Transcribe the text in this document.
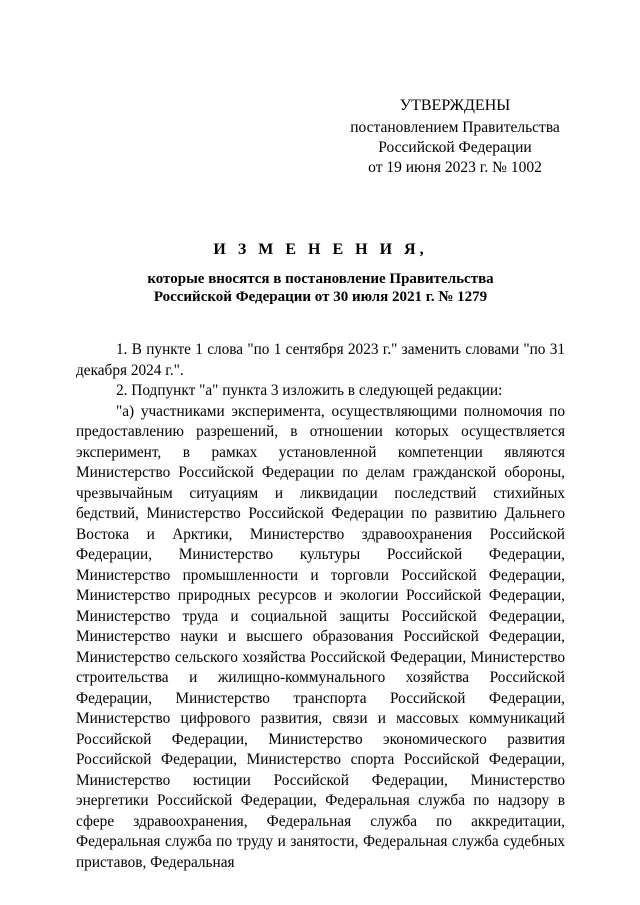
УТВЕРЖДЕНЫ
постановлением Правительства
Российской Федерации
от 19 июня 2023 г. № 1002
И З М Е Н Е Н И Я,
которые вносятся в постановление Правительства
Российской Федерации от 30 июля 2021 г. № 1279

1. В пункте 1 слова "по 1 сентября 2023 г." заменить словами "по 31 декабря 2024 г.".

2. Подпункт "а" пункта 3 изложить в следующей редакции:

"а) участниками эксперимента, осуществляющими полномочия по предоставлению разрешений, в отношении которых осуществляется эксперимент, в рамках установленной компетенции являются Министерство Российской Федерации по делам гражданской обороны, чрезвычайным ситуациям и ликвидации последствий стихийных бедствий, Министерство Российской Федерации по развитию Дальнего Востока и Арктики, Министерство здравоохранения Российской Федерации, Министерство культуры Российской Федерации, Министерство промышленности и торговли Российской Федерации, Министерство природных ресурсов и экологии Российской Федерации, Министерство труда и социальной защиты Российской Федерации, Министерство науки и высшего образования Российской Федерации, Министерство сельского хозяйства Российской Федерации, Министерство строительства и жилищно-коммунального хозяйства Российской Федерации, Министерство транспорта Российской Федерации, Министерство цифрового развития, связи и массовых коммуникаций Российской Федерации, Министерство экономического развития Российской Федерации, Министерство спорта Российской Федерации, Министерство юстиции Российской Федерации, Министерство энергетики Российской Федерации, Федеральная служба по надзору в сфере здравоохранения, Федеральная служба по аккредитации, Федеральная служба по труду и занятости, Федеральная служба судебных приставов, Федеральная
